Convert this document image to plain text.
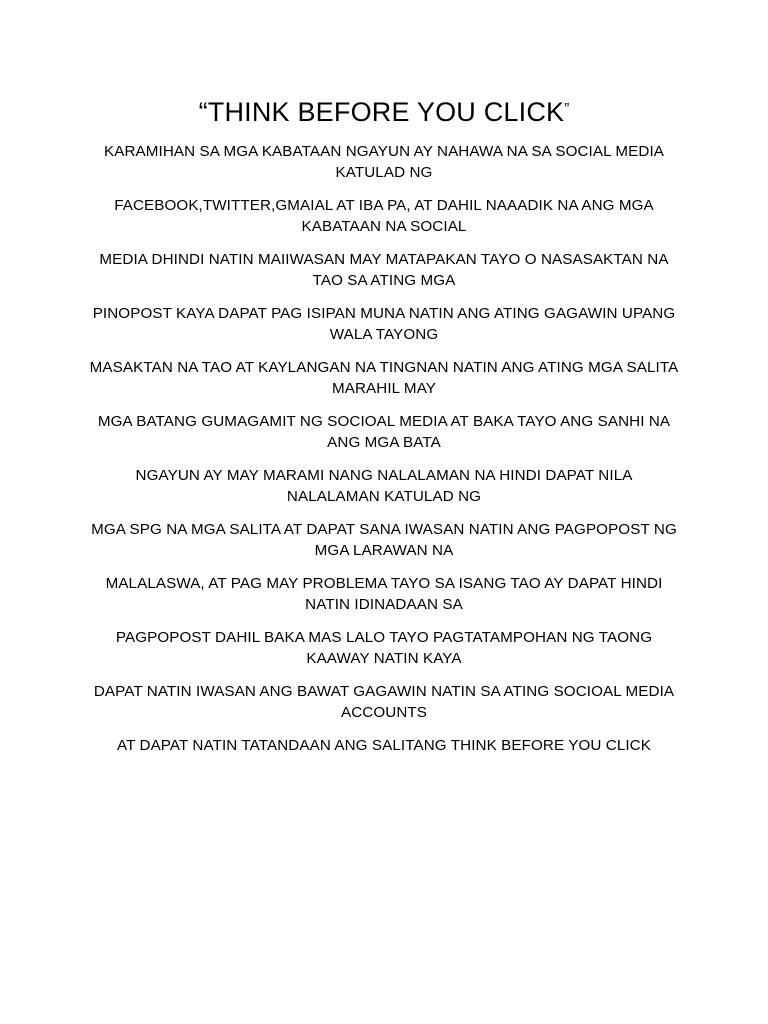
“THINK BEFORE YOU CLICK”

KARAMIHAN SA MGA KABATAAN NGAYUN AY NAHAWA NA SA SOCIAL MEDIA KATULAD NG

FACEBOOK,TWITTER,GMAIAL AT IBA PA, AT DAHIL NAAADIK NA ANG MGA KABATAAN NA SOCIAL

MEDIA DHINDI NATIN MAIIWASAN MAY MATAPAKAN TAYO O NASASAKTAN NA TAO SA ATING MGA

PINOPOST KAYA DAPAT PAG ISIPAN MUNA NATIN ANG ATING GAGAWIN UPANG WALA TAYONG

MASAKTAN NA TAO AT KAYLANGAN NA TINGNAN NATIN ANG ATING MGA SALITA MARAHIL MAY

MGA BATANG GUMAGAMIT NG SOCIOAL MEDIA AT BAKA TAYO ANG SANHI NA ANG MGA BATA

NGAYUN AY MAY MARAMI NANG NALALAMAN NA HINDI DAPAT NILA NALALAMAN KATULAD NG

MGA SPG NA MGA SALITA AT DAPAT SANA IWASAN NATIN ANG PAGPOPOST NG MGA LARAWAN NA

MALALASWA, AT PAG MAY PROBLEMA TAYO SA ISANG TAO AY DAPAT HINDI NATIN IDINADAAN SA

PAGPOPOST DAHIL BAKA MAS LALO TAYO PAGTATAMPOHAN NG TAONG KAAWAY NATIN KAYA

DAPAT NATIN IWASAN ANG BAWAT GAGAWIN NATIN SA ATING SOCIOAL MEDIA ACCOUNTS

AT DAPAT NATIN TATANDAAN ANG SALITANG THINK BEFORE YOU CLICK
